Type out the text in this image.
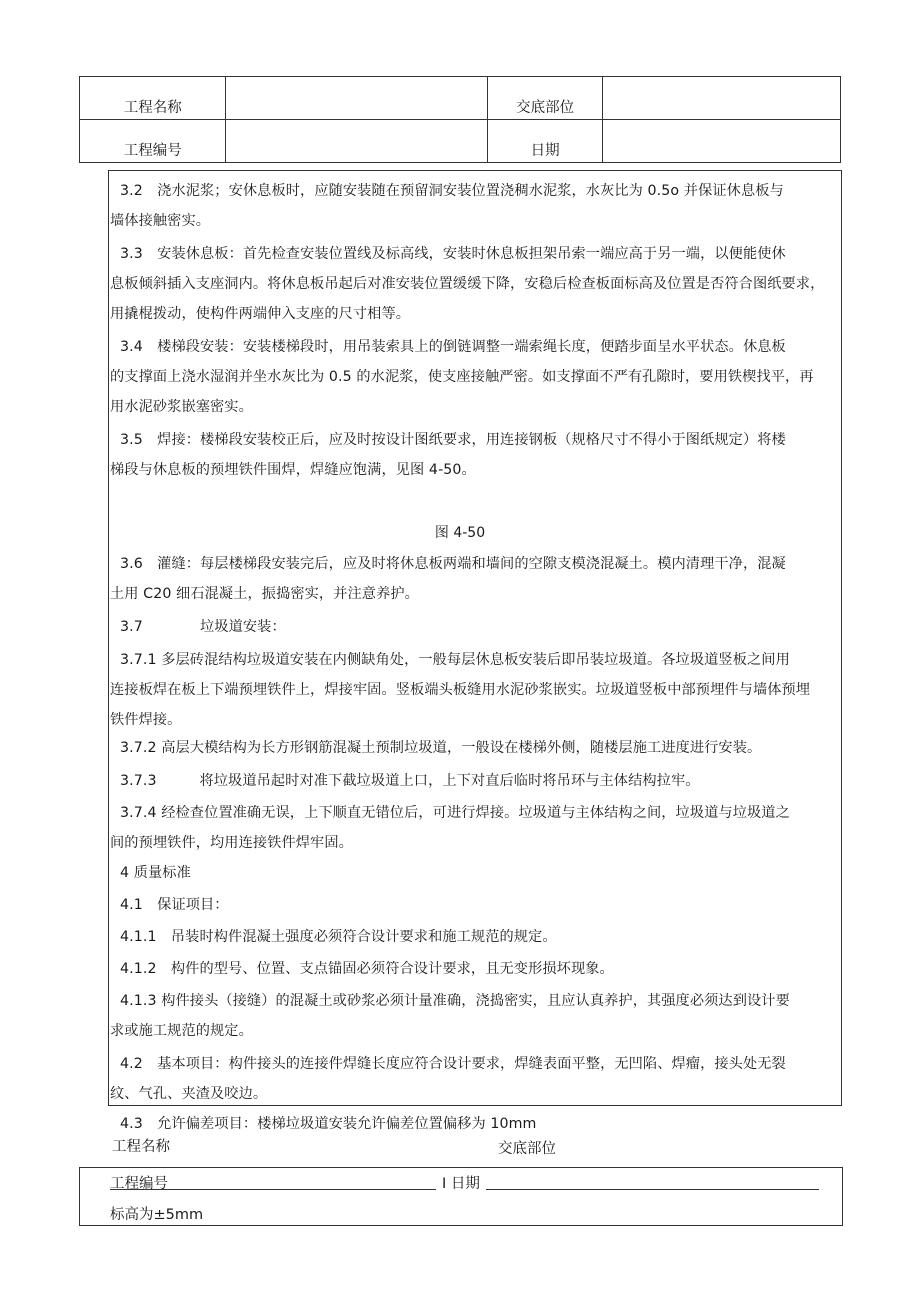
工程名称		交底部位	
工程编号		日期	
3.2　浇水泥浆；安休息板时，应随安装随在预留洞安装位置浇稠水泥浆，水灰比为 0.5o 并保证休息板与
墙体接触密实。
3.3　安装休息板：首先检查安装位置线及标高线，安装时休息板担架吊索一端应高于另一端，以便能使休
息板倾斜插入支座洞内。将休息板吊起后对准安装位置缓缓下降，安稳后检查板面标高及位置是否符合图纸要求，
用撬棍拨动，使构件两端伸入支座的尺寸相等。
3.4　楼梯段安装：安装楼梯段时，用吊装索具上的倒链调整一端索绳长度，便踏步面呈水平状态。休息板
的支撑面上浇水湿润并坐水灰比为 0.5 的水泥浆，使支座接触严密。如支撑面不严有孔隙时，要用铁楔找平，再
用水泥砂浆嵌塞密实。
3.5　焊接：楼梯段安装校正后，应及时按设计图纸要求，用连接钢板（规格尺寸不得小于图纸规定）将楼
梯段与休息板的预埋铁件围焊，焊缝应饱满，见图 4-50。
图 4-50
3.6　灌缝：每层楼梯段安装完后，应及时将休息板两端和墙间的空隙支模浇混凝土。模内清理干净，混凝
土用 C20 细石混凝土，振捣密实，并注意养护。
3.7　　　　垃圾道安装：
3.7.1 多层砖混结构垃圾道安装在内侧缺角处，一般每层休息板安装后即吊装垃圾道。各垃圾道竖板之间用
连接板焊在板上下端预埋铁件上，焊接牢固。竖板端头板缝用水泥砂浆嵌实。垃圾道竖板中部预埋件与墙体预埋
铁件焊接。
3.7.2 高层大模结构为长方形钢筋混凝土预制垃圾道，一般设在楼梯外侧，随楼层施工进度进行安装。
3.7.3　　　将垃圾道吊起时对准下截垃圾道上口，上下对直后临时将吊环与主体结构拉牢。
3.7.4 经检查位置准确无误，上下顺直无错位后，可进行焊接。垃圾道与主体结构之间，垃圾道与垃圾道之
间的预埋铁件，均用连接铁件焊牢固。
4 质量标准
4.1　保证项目：
4.1.1　吊装时构件混凝土强度必须符合设计要求和施工规范的规定。
4.1.2　构件的型号、位置、支点锚固必须符合设计要求，且无变形损坏现象。
4.1.3 构件接头（接缝）的混凝土或砂浆必须计量准确，浇捣密实，且应认真养护，其强度必须达到设计要
求或施工规范的规定。
4.2　基本项目：构件接头的连接件焊缝长度应符合设计要求，焊缝表面平整，无凹陷、焊瘤，接头处无裂
纹、气孔、夹渣及咬边。
4.3　允许偏差项目：楼梯垃圾道安装允许偏差位置偏移为 10mm
工程名称	交底部位
工程编号	I 日期
标高为±5mm
